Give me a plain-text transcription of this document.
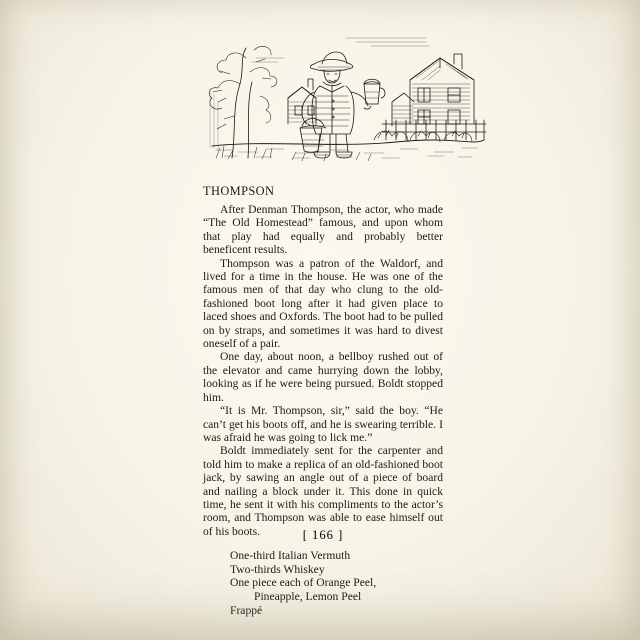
THOMPSON

After Denman Thompson, the actor, who made “The Old Homestead” famous, and upon whom that play had equally and probably better beneficent results.

Thompson was a patron of the Waldorf, and lived for a time in the house. He was one of the famous men of that day who clung to the old-fashioned boot long after it had given place to laced shoes and Oxfords. The boot had to be pulled on by straps, and sometimes it was hard to divest oneself of a pair.

One day, about noon, a bellboy rushed out of the elevator and came hurrying down the lobby, looking as if he were being pursued. Boldt stopped him.

“It is Mr. Thompson, sir,” said the boy. “He can’t get his boots off, and he is swearing terrible. I was afraid he was going to lick me.”

Boldt immediately sent for the carpenter and told him to make a replica of an old-fashioned boot jack, by sawing an angle out of a piece of board and nailing a block under it. This done in quick time, he sent it with his compliments to the actor’s room, and Thompson was able to ease himself out of his boots.

One-third Italian Vermuth
Two-thirds Whiskey
One piece each of Orange Peel,
Pineapple, Lemon Peel
Frappé
[ 166 ]
